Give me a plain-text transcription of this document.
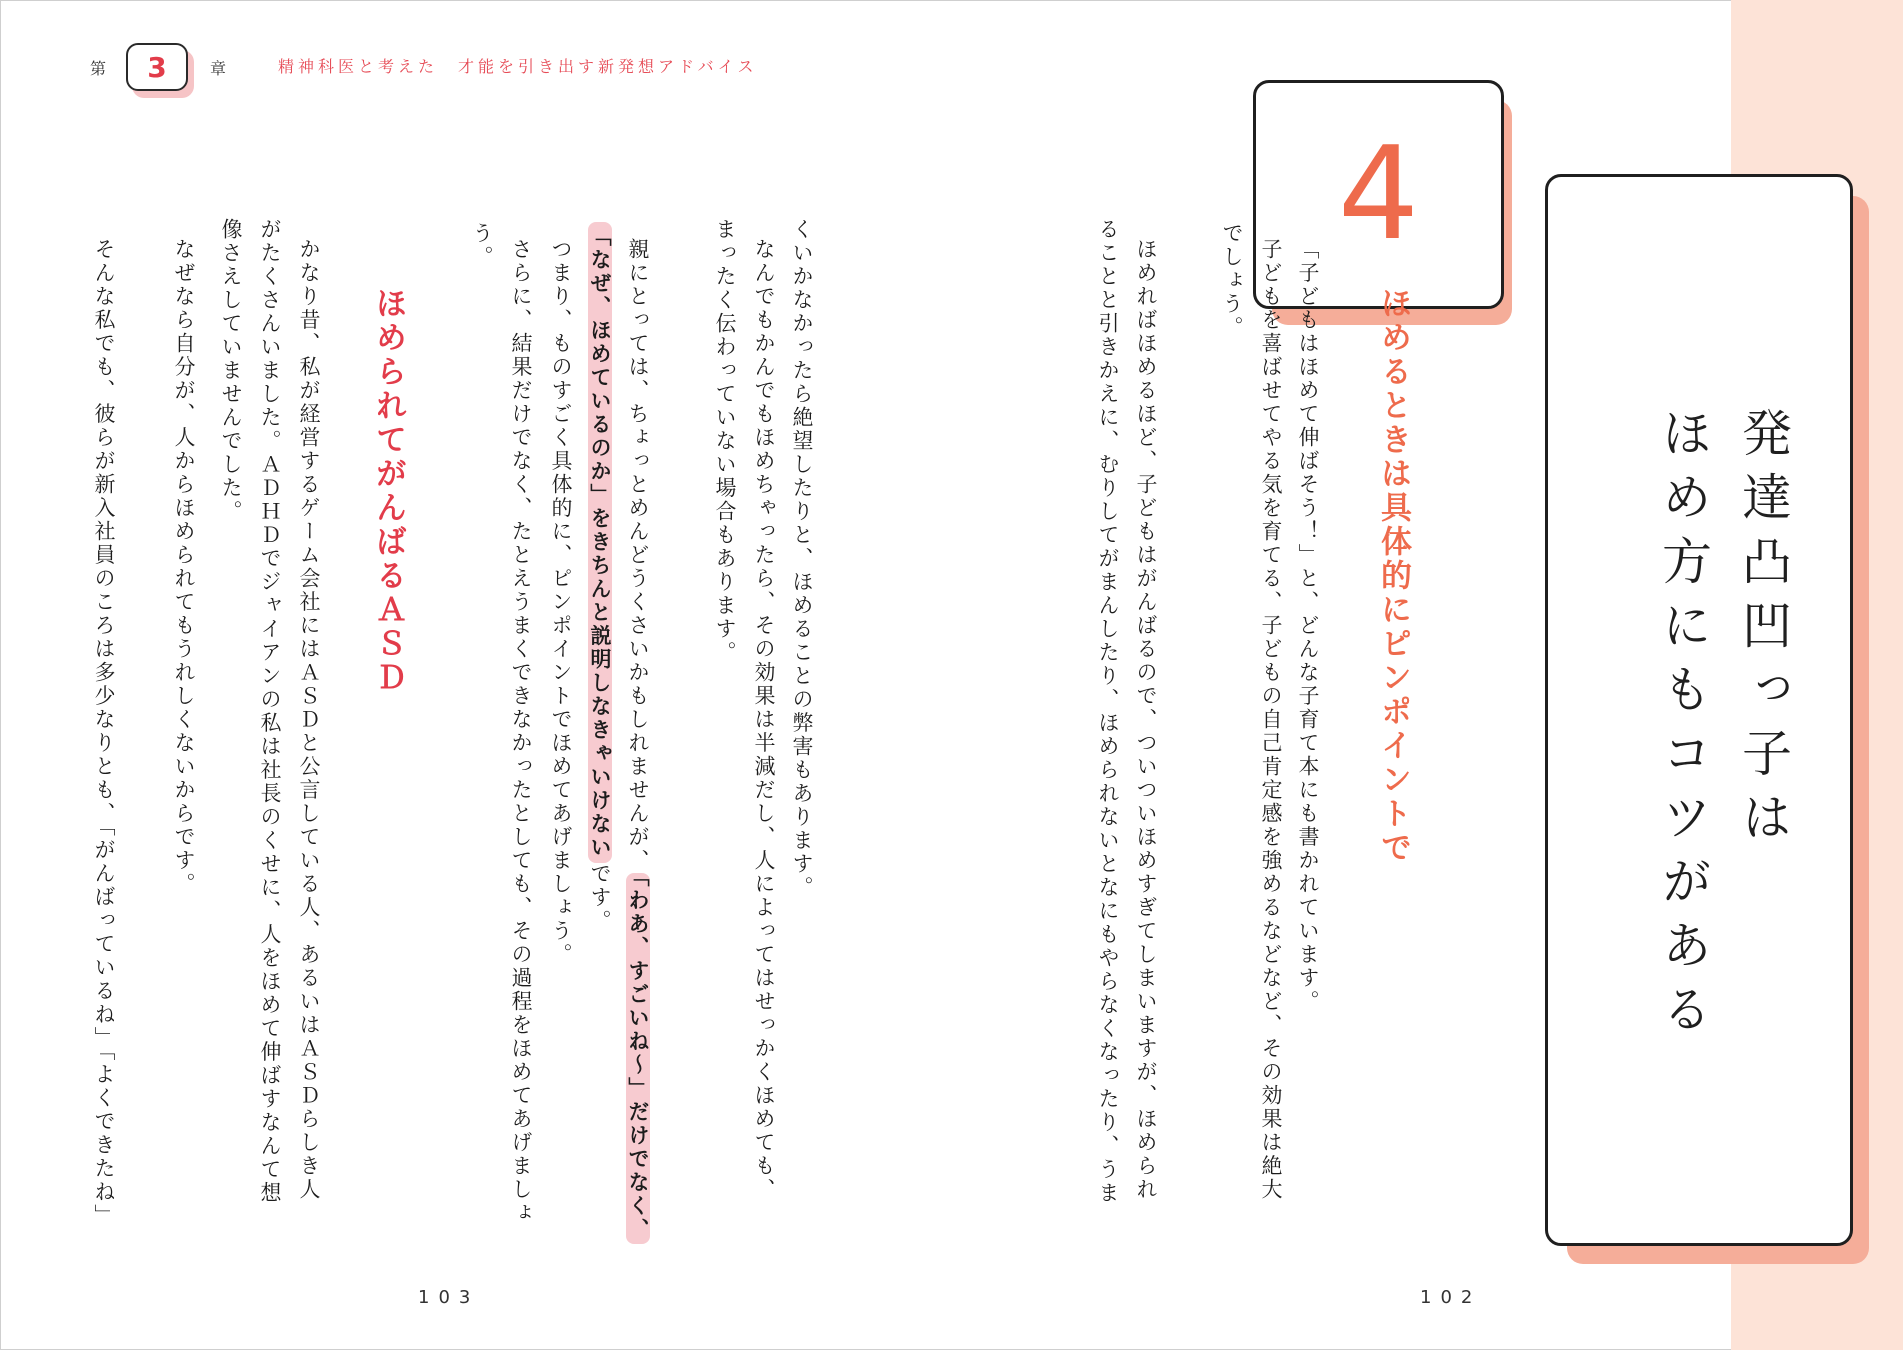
第 3	章	精神科医と考えた　才能を引き出す新発想アドバイス
4
発達凸凹っ子は
ほめ方にもコツがある
ほめるときは具体的にピンポイントで
「子どもはほめて伸ばそう！」と、どんな子育て本にも書かれています。
子どもを喜ばせてやる気を育てる、子どもの自己肯定感を強めるなどなど、その効果は絶大
でしょう。
ほめればほめるほど、子どもはがんばるので、ついついほめすぎてしまいますが、ほめられ
ることと引きかえに、むりしてがまんしたり、ほめられないとなにもやらなくなったり、うま
102
くいかなかったら絶望したりと、ほめることの弊害もあります。
なんでもかんでもほめちゃったら、その効果は半減だし、人によってはせっかくほめても、
まったく伝わっていない場合もあります。
親にとっては、ちょっとめんどうくさいかもしれませんが、「わあ、すごいね～」だけでなく、
「なぜ、ほめているのか」をきちんと説明しなきゃいけないです。
つまり、ものすごく具体的に、ピンポイントでほめてあげましょう。
さらに、結果だけでなく、たとえうまくできなかったとしても、その過程をほめてあげましょ
う。
ほめられてがんばるＡＳＤ
かなり昔、私が経営するゲーム会社にはＡＳＤと公言している人、あるいはＡＳＤらしき人
がたくさんいました。ＡＤＨＤでジャイアンの私は社長のくせに、人をほめて伸ばすなんて想
像さえしていませんでした。
なぜなら自分が、人からほめられてもうれしくないからです。
そんな私でも、彼らが新入社員のころは多少なりとも、「がんばっているね」「よくできたね」
103
